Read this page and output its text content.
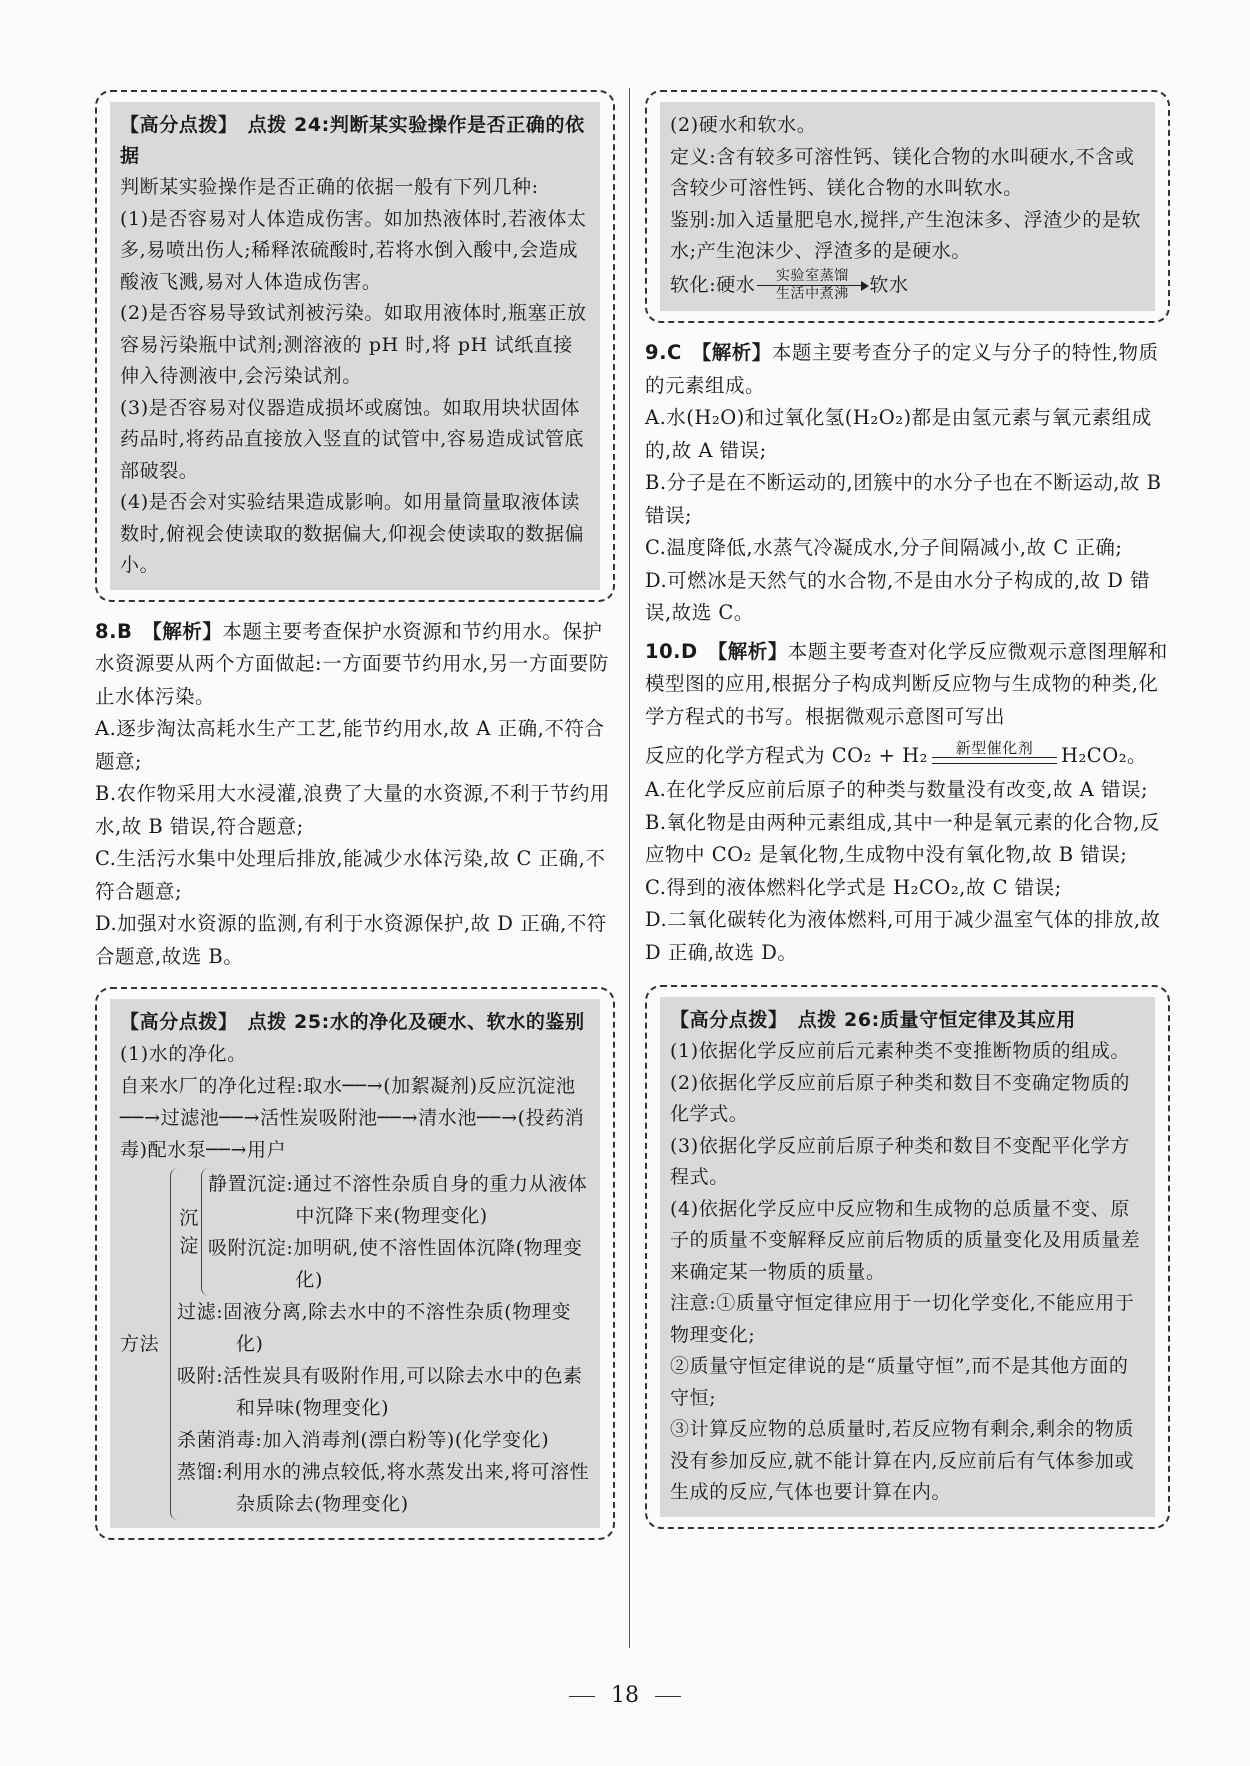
【高分点拨】 点拨 24:判断某实验操作是否正确的依据
判断某实验操作是否正确的依据一般有下列几种:
(1)是否容易对人体造成伤害。如加热液体时,若液体太多,易喷出伤人;稀释浓硫酸时,若将水倒入酸中,会造成酸液飞溅,易对人体造成伤害。
(2)是否容易导致试剂被污染。如取用液体时,瓶塞正放容易污染瓶中试剂;测溶液的 pH 时,将 pH 试纸直接伸入待测液中,会污染试剂。
(3)是否容易对仪器造成损坏或腐蚀。如取用块状固体药品时,将药品直接放入竖直的试管中,容易造成试管底部破裂。
(4)是否会对实验结果造成影响。如用量筒量取液体读数时,俯视会使读取的数据偏大,仰视会使读取的数据偏小。
8.B 【解析】本题主要考查保护水资源和节约用水。保护水资源要从两个方面做起:一方面要节约用水,另一方面要防止水体污染。

A.逐步淘汰高耗水生产工艺,能节约用水,故 A 正确,不符合题意;

B.农作物采用大水浸灌,浪费了大量的水资源,不利于节约用水,故 B 错误,符合题意;

C.生活污水集中处理后排放,能减少水体污染,故 C 正确,不符合题意;

D.加强对水资源的监测,有利于水资源保护,故 D 正确,不符合题意,故选 B。

【高分点拨】 点拨 25:水的净化及硬水、软水的鉴别
(1)水的净化。
自来水厂的净化过程:取水──→(加絮凝剂)反应沉淀池──→过滤池──→活性炭吸附池──→清水池──→(投药消毒)配水泵──→用户
方法
沉
淀
静置沉淀:通过不溶性杂质自身的重力从液体中沉降下来(物理变化)
吸附沉淀:加明矾,使不溶性固体沉降(物理变化)
过滤:固液分离,除去水中的不溶性杂质(物理变化)
吸附:活性炭具有吸附作用,可以除去水中的色素和异味(物理变化)
杀菌消毒:加入消毒剂(漂白粉等)(化学变化)
蒸馏:利用水的沸点较低,将水蒸发出来,将可溶性杂质除去(物理变化)
(2)硬水和软水。
定义:含有较多可溶性钙、镁化合物的水叫硬水,不含或含较少可溶性钙、镁化合物的水叫软水。
鉴别:加入适量肥皂水,搅拌,产生泡沫多、浮渣少的是软水;产生泡沫少、浮渣多的是硬水。
软化:硬水 实验室蒸馏
生活中煮沸 软水
9.C 【解析】本题主要考查分子的定义与分子的特性,物质的元素组成。

A.水(H₂O)和过氧化氢(H₂O₂)都是由氢元素与氧元素组成的,故 A 错误;

B.分子是在不断运动的,团簇中的水分子也在不断运动,故 B 错误;

C.温度降低,水蒸气冷凝成水,分子间隔减小,故 C 正确;

D.可燃冰是天然气的水合物,不是由水分子构成的,故 D 错误,故选 C。

10.D 【解析】本题主要考查对化学反应微观示意图理解和模型图的应用,根据分子构成判断反应物与生成物的种类,化学方程式的书写。根据微观示意图可写出

反应的化学方程式为 CO₂ + H₂ 新型催化剂 H₂CO₂。

A.在化学反应前后原子的种类与数量没有改变,故 A 错误;

B.氧化物是由两种元素组成,其中一种是氧元素的化合物,反应物中 CO₂ 是氧化物,生成物中没有氧化物,故 B 错误;

C.得到的液体燃料化学式是 H₂CO₂,故 C 错误;

D.二氧化碳转化为液体燃料,可用于减少温室气体的排放,故 D 正确,故选 D。

【高分点拨】 点拨 26:质量守恒定律及其应用
(1)依据化学反应前后元素种类不变推断物质的组成。
(2)依据化学反应前后原子种类和数目不变确定物质的化学式。
(3)依据化学反应前后原子种类和数目不变配平化学方程式。
(4)依据化学反应中反应物和生成物的总质量不变、原子的质量不变解释反应前后物质的质量变化及用质量差来确定某一物质的质量。
注意:①质量守恒定律应用于一切化学变化,不能应用于物理变化;
②质量守恒定律说的是“质量守恒”,而不是其他方面的守恒;
③计算反应物的总质量时,若反应物有剩余,剩余的物质没有参加反应,就不能计算在内,反应前后有气体参加或生成的反应,气体也要计算在内。
18
